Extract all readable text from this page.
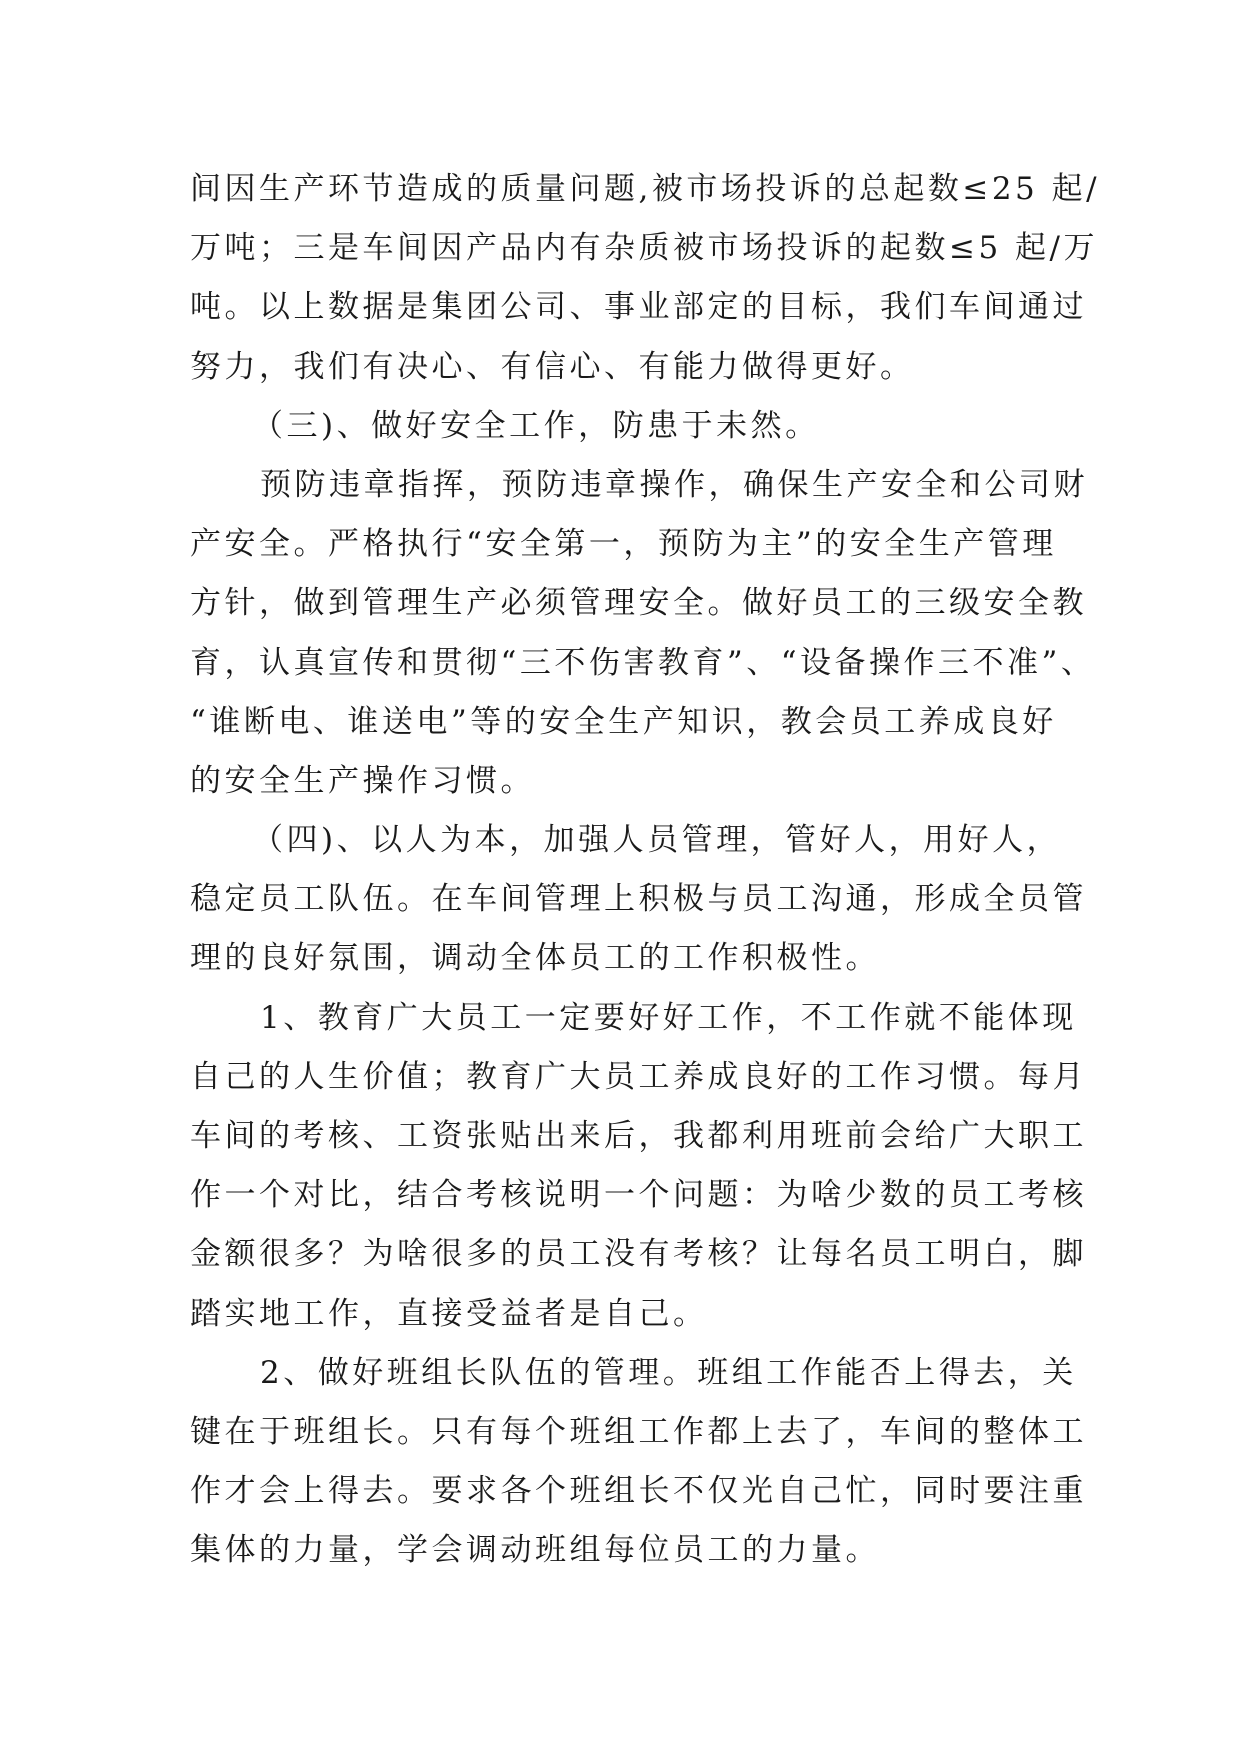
间因生产环节造成的质量问题,被市场投诉的总起数≤25 起/
万吨；三是车间因产品内有杂质被市场投诉的起数≤5 起/万
吨。以上数据是集团公司、事业部定的目标，我们车间通过
努力，我们有决心、有信心、有能力做得更好。
（三)、做好安全工作，防患于未然。
预防违章指挥，预防违章操作，确保生产安全和公司财
产安全。严格执行“安全第一，预防为主”的安全生产管理
方针，做到管理生产必须管理安全。做好员工的三级安全教
育，认真宣传和贯彻“三不伤害教育”、“设备操作三不准”、
“谁断电、谁送电”等的安全生产知识，教会员工养成良好
的安全生产操作习惯。
（四)、以人为本，加强人员管理，管好人，用好人，
稳定员工队伍。在车间管理上积极与员工沟通，形成全员管
理的良好氛围，调动全体员工的工作积极性。
1、教育广大员工一定要好好工作，不工作就不能体现
自己的人生价值；教育广大员工养成良好的工作习惯。每月
车间的考核、工资张贴出来后，我都利用班前会给广大职工
作一个对比，结合考核说明一个问题：为啥少数的员工考核
金额很多？为啥很多的员工没有考核？让每名员工明白，脚
踏实地工作，直接受益者是自己。
2、做好班组长队伍的管理。班组工作能否上得去，关
键在于班组长。只有每个班组工作都上去了，车间的整体工
作才会上得去。要求各个班组长不仅光自己忙，同时要注重
集体的力量，学会调动班组每位员工的力量。
